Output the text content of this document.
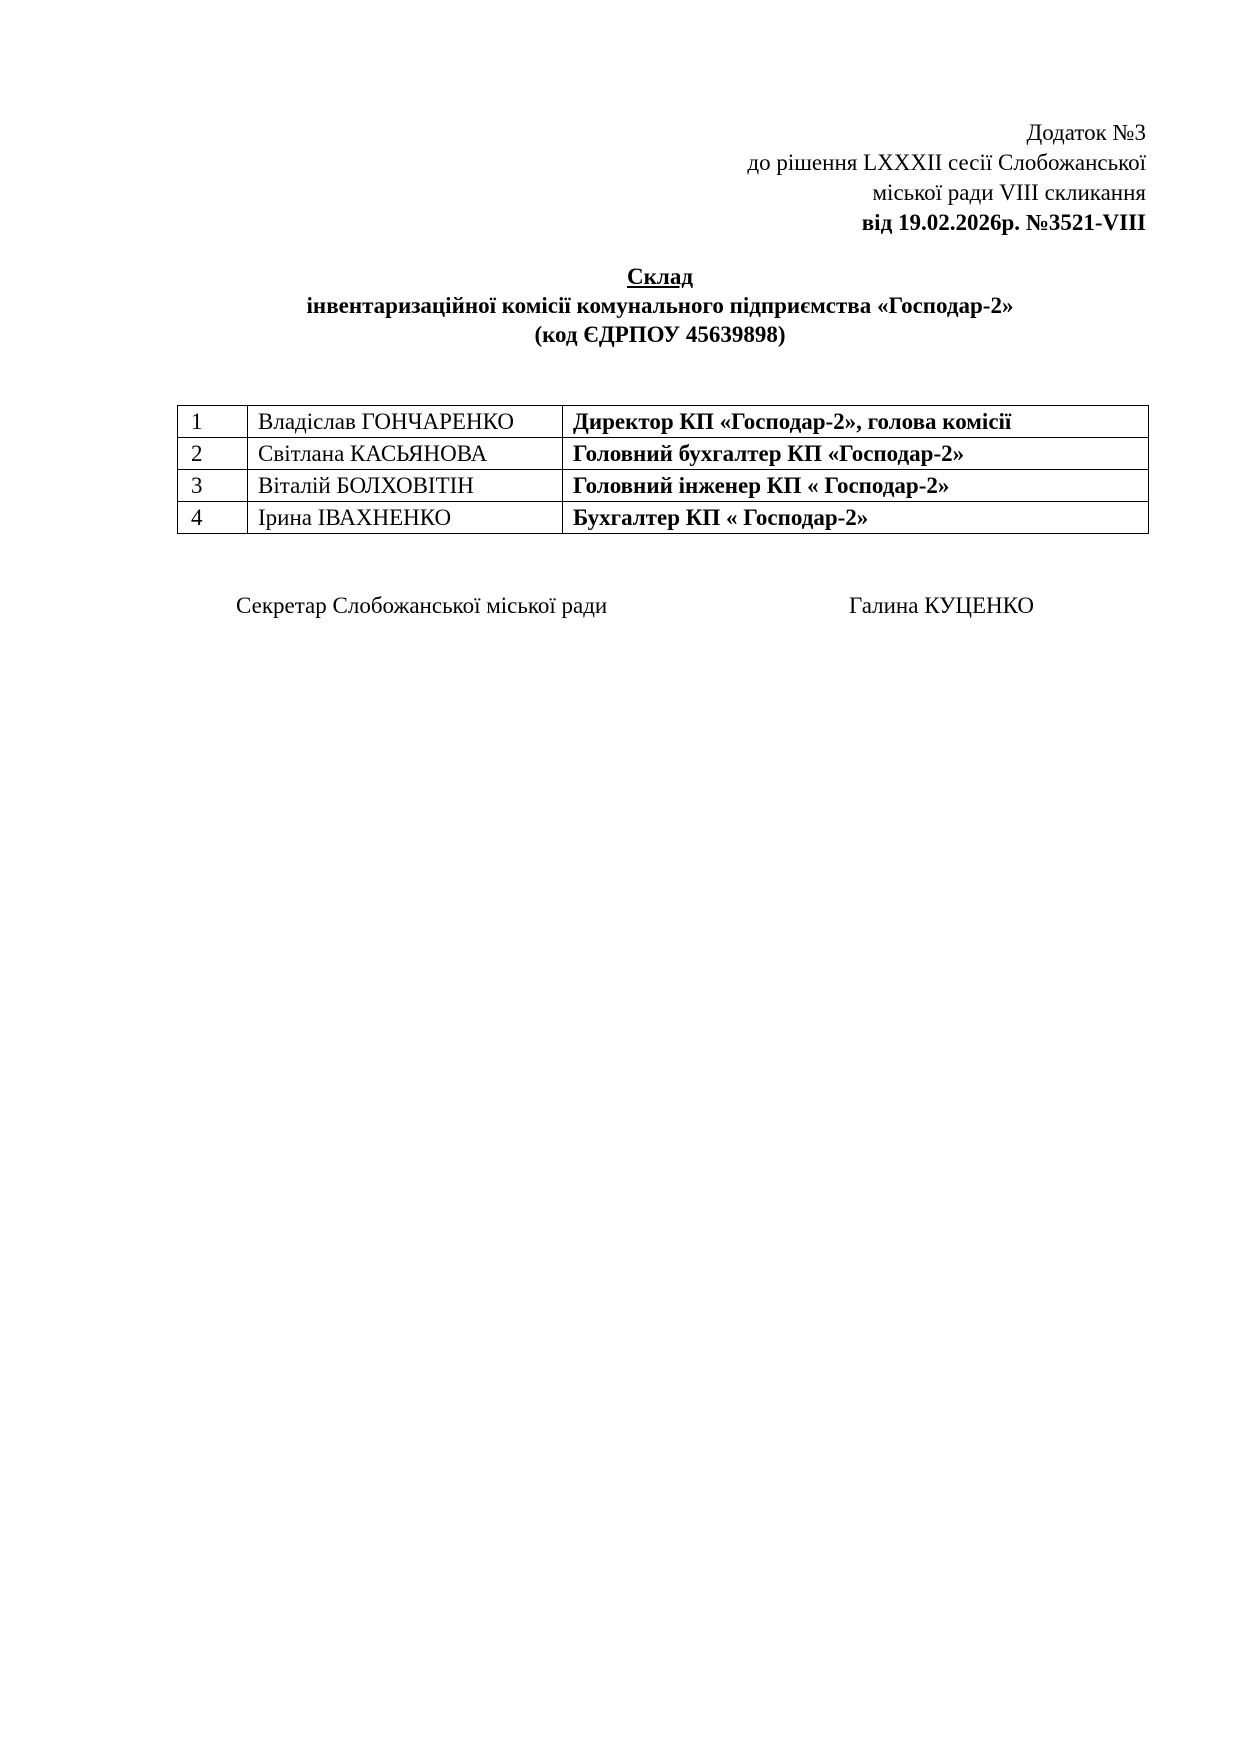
Додаток №3
до рішення LXXXII сесії Слобожанської
міської ради VIII скликання
від 19.02.2026р. №3521-VIII
Склад
інвентаризаційної комісії комунального підприємства «Господар-2»
(код ЄДРПОУ 45639898)
1	Владіслав ГОНЧАРЕНКО	Директор КП «Господар-2», голова комісії
2	Світлана КАСЬЯНОВА	Головний бухгалтер КП «Господар-2»
3	Віталій БОЛХОВІТІН	Головний інженер КП « Господар-2»
4	Ірина ІВАХНЕНКО	Бухгалтер КП « Господар-2»
Секретар Слобожанської міської ради	Галина КУЦЕНКО
